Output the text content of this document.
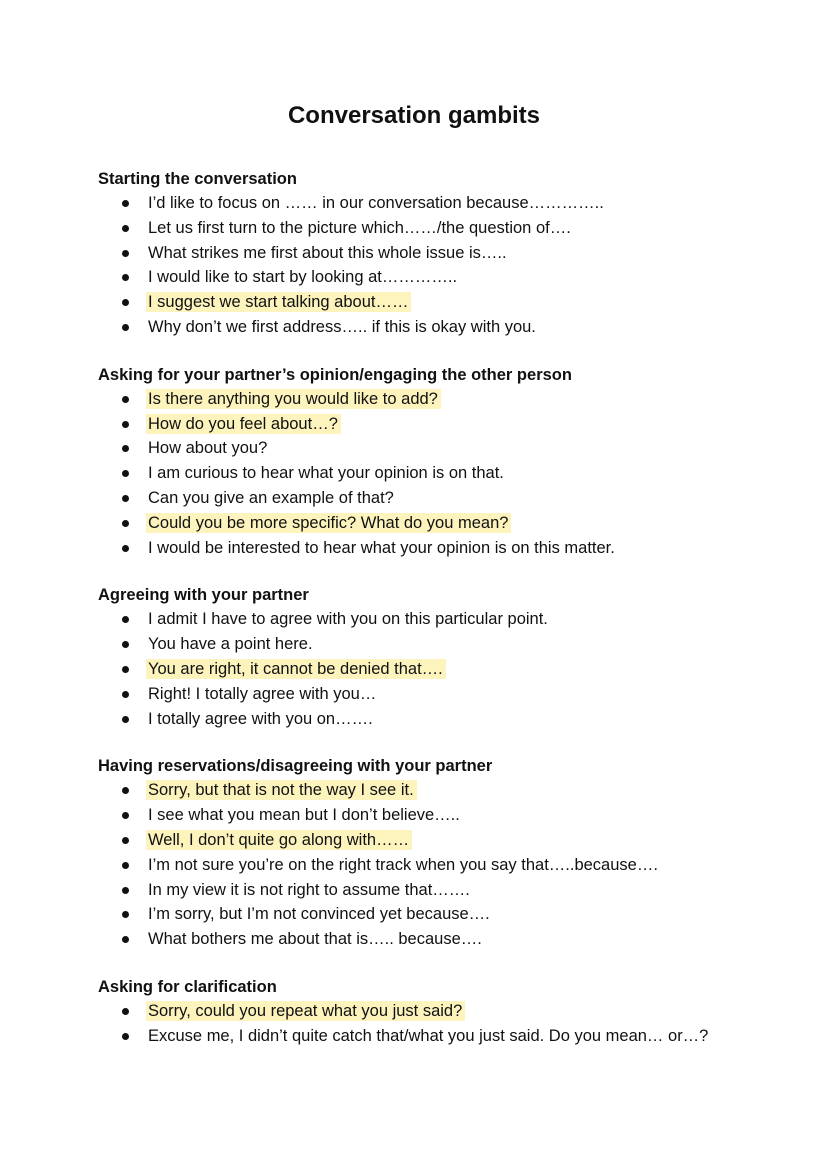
Conversation gambits
Starting the conversation
I’d like to focus on …… in our conversation because…………..
Let us first turn to the picture which……/the question of….
What strikes me first about this whole issue is…..
I would like to start by looking at…………..
I suggest we start talking about……
Why don’t we first address….. if this is okay with you.
Asking for your partner’s opinion/engaging the other person
Is there anything you would like to add?
How do you feel about…?
How about you?
I am curious to hear what your opinion is on that.
Can you give an example of that?
Could you be more specific? What do you mean?
I would be interested to hear what your opinion is on this matter.
Agreeing with your partner
I admit I have to agree with you on this particular point.
You have a point here.
You are right, it cannot be denied that….
Right! I totally agree with you…
I totally agree with you on…….
Having reservations/disagreeing with your partner
Sorry, but that is not the way I see it.
I see what you mean but I don’t believe…..
Well, I don’t quite go along with……
I’m not sure you’re on the right track when you say that…..because….
In my view it is not right to assume that…….
I’m sorry, but I’m not convinced yet because….
What bothers me about that is….. because….
Asking for clarification
Sorry, could you repeat what you just said?
Excuse me, I didn’t quite catch that/what you just said. Do you mean… or…?
